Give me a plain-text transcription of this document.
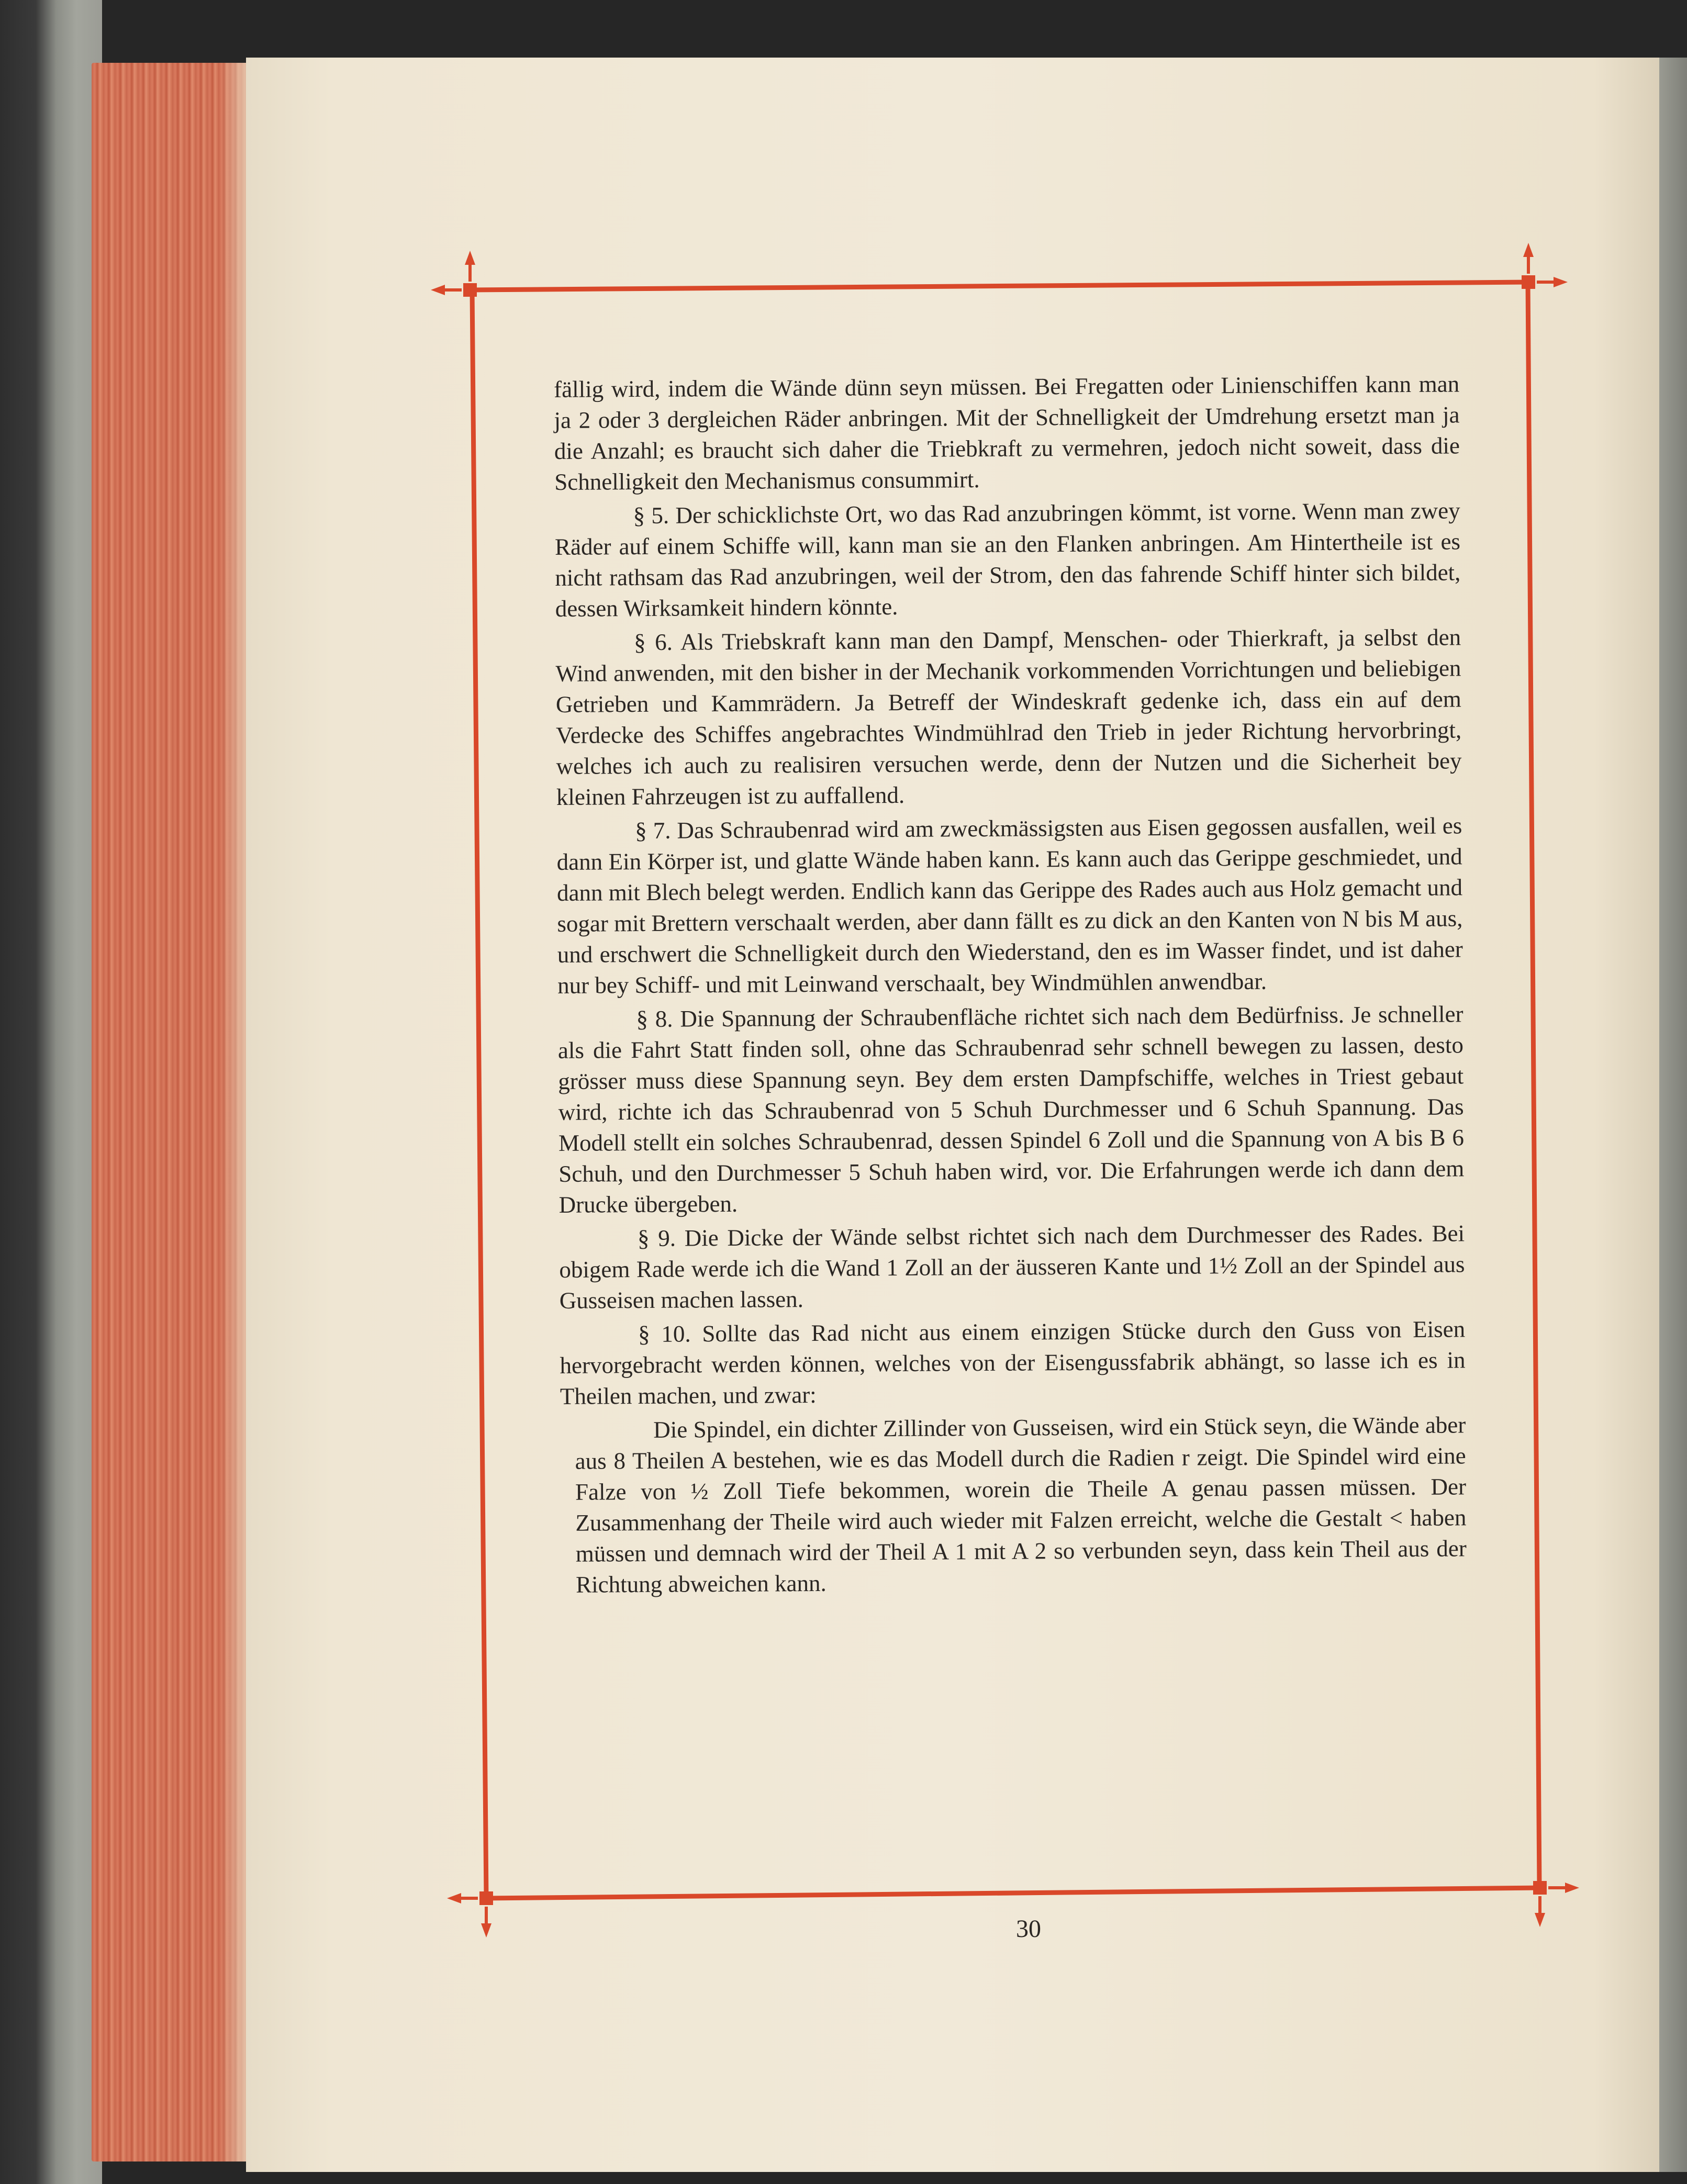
fällig wird, indem die Wände dünn seyn müssen. Bei Fregatten oder Linienschiffen kann man ja 2 oder 3 dergleichen Räder anbringen. Mit der Schnelligkeit der Umdrehung ersetzt man ja die Anzahl; es braucht sich daher die Triebkraft zu vermehren, jedoch nicht soweit, dass die Schnelligkeit den Mechanismus consummirt.

§ 5. Der schicklichste Ort, wo das Rad anzubringen kömmt, ist vorne. Wenn man zwey Räder auf einem Schiffe will, kann man sie an den Flanken anbringen. Am Hintertheile ist es nicht rathsam das Rad anzubringen, weil der Strom, den das fahrende Schiff hinter sich bildet, dessen Wirksamkeit hindern könnte.

§ 6. Als Triebskraft kann man den Dampf, Menschen- oder Thierkraft, ja selbst den Wind anwenden, mit den bisher in der Mechanik vorkommenden Vorrichtungen und beliebigen Getrieben und Kammrädern. Ja Betreff der Windeskraft gedenke ich, dass ein auf dem Verdecke des Schiffes angebrachtes Windmühlrad den Trieb in jeder Richtung hervorbringt, welches ich auch zu realisiren versuchen werde, denn der Nutzen und die Sicherheit bey kleinen Fahrzeugen ist zu auffallend.

§ 7. Das Schraubenrad wird am zweckmässigsten aus Eisen gegossen ausfallen, weil es dann Ein Körper ist, und glatte Wände haben kann. Es kann auch das Gerippe geschmiedet, und dann mit Blech belegt werden. Endlich kann das Gerippe des Rades auch aus Holz gemacht und sogar mit Brettern verschaalt werden, aber dann fällt es zu dick an den Kanten von N bis M aus, und erschwert die Schnelligkeit durch den Wiederstand, den es im Wasser findet, und ist daher nur bey Schiff- und mit Leinwand verschaalt, bey Windmühlen anwendbar.

§ 8. Die Spannung der Schraubenfläche richtet sich nach dem Bedürfniss. Je schneller als die Fahrt Statt finden soll, ohne das Schraubenrad sehr schnell bewegen zu lassen, desto grösser muss diese Spannung seyn. Bey dem ersten Dampfschiffe, welches in Triest gebaut wird, richte ich das Schraubenrad von 5 Schuh Durchmesser und 6 Schuh Spannung. Das Modell stellt ein solches Schraubenrad, dessen Spindel 6 Zoll und die Spannung von A bis B 6 Schuh, und den Durchmesser 5 Schuh haben wird, vor. Die Erfahrungen werde ich dann dem Drucke übergeben.

§ 9. Die Dicke der Wände selbst richtet sich nach dem Durchmesser des Rades. Bei obigem Rade werde ich die Wand 1 Zoll an der äusseren Kante und 1½ Zoll an der Spindel aus Gusseisen machen lassen.

§ 10. Sollte das Rad nicht aus einem einzigen Stücke durch den Guss von Eisen hervorgebracht werden können, welches von der Eisengussfabrik abhängt, so lasse ich es in Theilen machen, und zwar:

Die Spindel, ein dichter Zillinder von Gusseisen, wird ein Stück seyn, die Wände aber aus 8 Theilen A bestehen, wie es das Modell durch die Radien r zeigt. Die Spindel wird eine Falze von ½ Zoll Tiefe bekommen, worein die Theile A genau passen müssen. Der Zusammenhang der Theile wird auch wieder mit Falzen erreicht, welche die Gestalt < haben müssen und demnach wird der Theil A 1 mit A 2 so verbunden seyn, dass kein Theil aus der Richtung abweichen kann.

30
